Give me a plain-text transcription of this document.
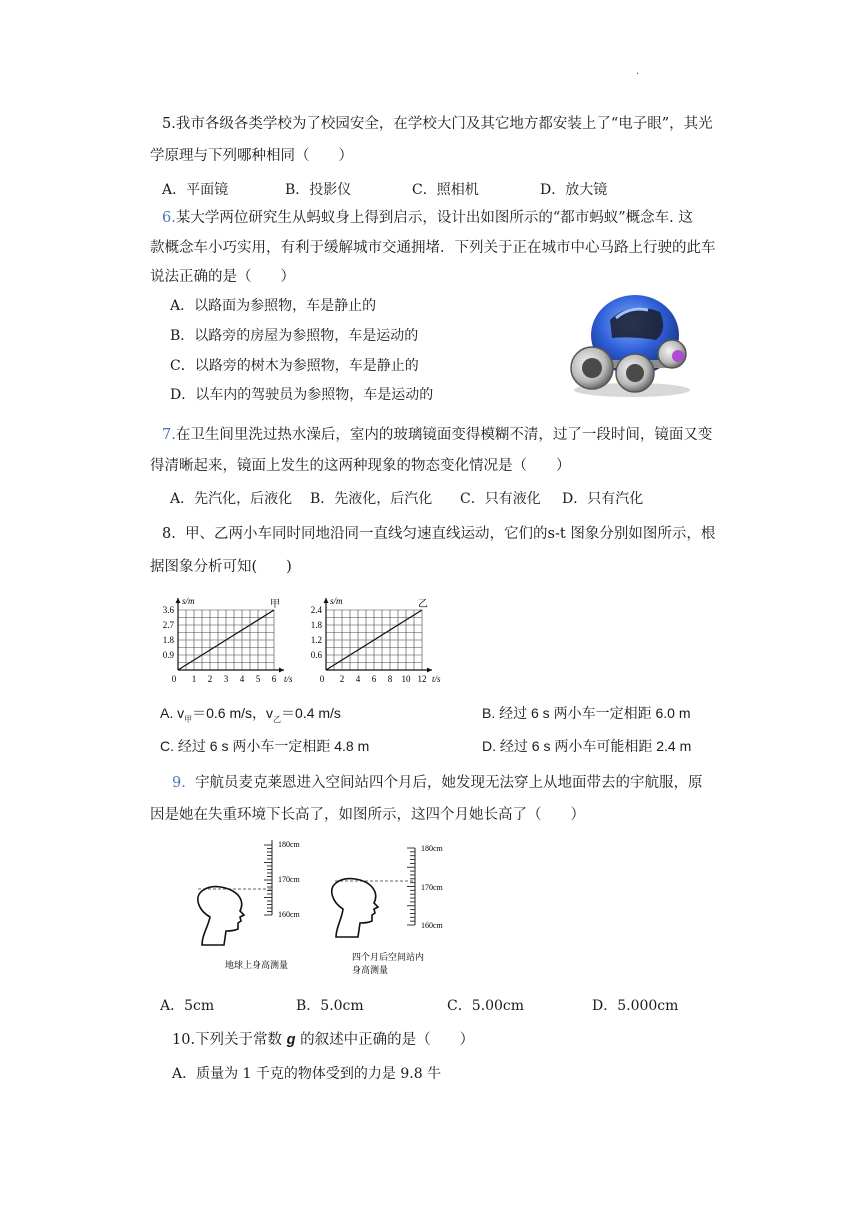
.
5.我市各级各类学校为了校园安全，在学校大门及其它地方都安装上了“电子眼”，其光
学原理与下列哪种相同（　　）
A．平面镜	B．投影仪	C．照相机	D．放大镜
6.某大学两位研究生从蚂蚁身上得到启示，设计出如图所示的“都市蚂蚁”概念车. 这
款概念车小巧实用，有利于缓解城市交通拥堵．下列关于正在城市中心马路上行驶的此车
说法正确的是（　　）
A．以路面为参照物，车是静止的
B．以路旁的房屋为参照物，车是运动的
C．以路旁的树木为参照物，车是静止的
D．以车内的驾驶员为参照物，车是运动的
7.在卫生间里洗过热水澡后，室内的玻璃镜面变得模糊不清，过了一段时间，镜面又变
得清晰起来，镜面上发生的这两种现象的物态变化情况是（　　）
A．先汽化，后液化 B．先液化，后汽化 C．只有液化 D．只有汽化
8. 甲、乙两小车同时同地沿同一直线匀速直线运动，它们的s-t 图象分别如图所示，根
据图象分析可知(　　)
0.9
1.8
2.7
3.6
0 1 2 3 4 5 6
s/m
t/s
甲
0.6
1.2
1.8
2.4
0 2 4 6 8 10 12
s/m
t/s
乙
A. $v_甲=0.6$ m/s，$v_乙=0.4$ m/s	B. 经过 6 s 两小车一定相距 6.0 m
C. 经过 6 s 两小车一定相距 4.8 m	D. 经过 6 s 两小车可能相距 2.4 m
9. 宇航员麦克莱恩进入空间站四个月后，她发现无法穿上从地面带去的宇航服，原
因是她在失重环境下长高了，如图所示，这四个月她长高了（　　）
180cm
170cm
160cm
地球上身高测量
180cm
170cm
160cm
四个月后空间站内
身高测量
A．5cm	B．5.0cm	C．5.00cm	D．5.000cm
10.下列关于常数 g 的叙述中正确的是（　　）
A．质量为 1 千克的物体受到的力是 9.8 牛
